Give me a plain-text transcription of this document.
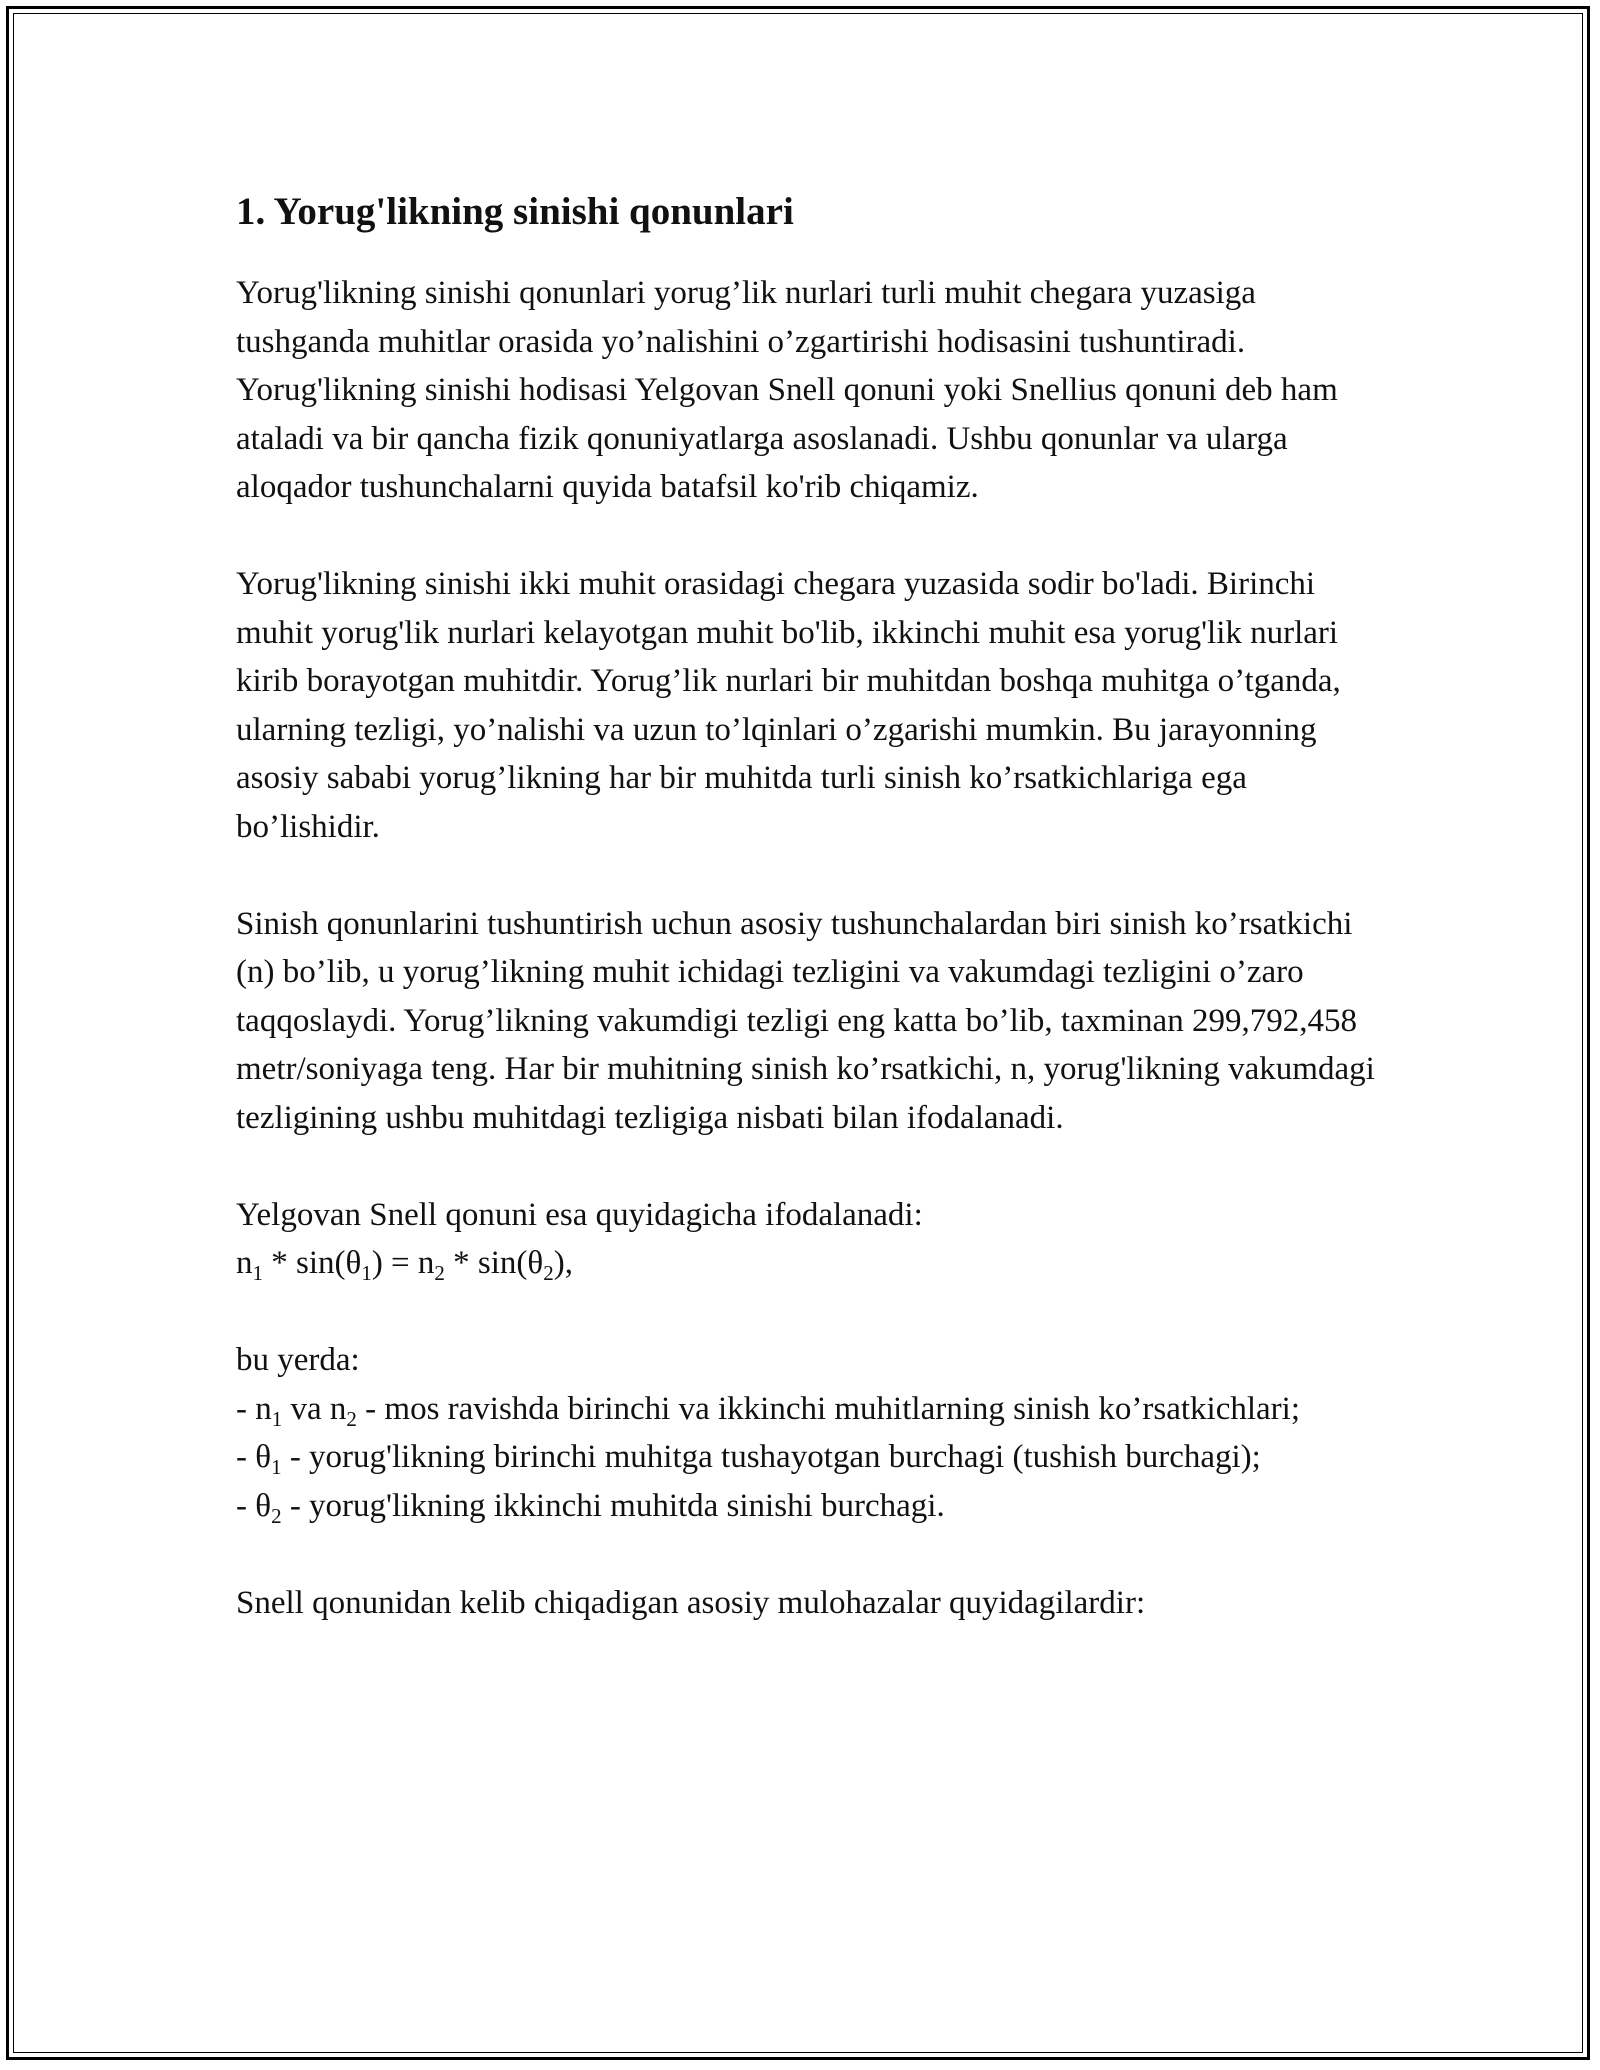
1. Yorug'likning sinishi qonunlari

Yorug'likning sinishi qonunlari yorug’lik nurlari turli muhit chegara yuzasiga tushganda muhitlar orasida yo’nalishini o’zgartirishi hodisasini tushuntiradi. Yorug'likning sinishi hodisasi Yelgovan Snell qonuni yoki Snellius qonuni deb ham ataladi va bir qancha fizik qonuniyatlarga asoslanadi. Ushbu qonunlar va ularga aloqador tushunchalarni quyida batafsil ko'rib chiqamiz.

Yorug'likning sinishi ikki muhit orasidagi chegara yuzasida sodir bo'ladi. Birinchi muhit yorug'lik nurlari kelayotgan muhit bo'lib, ikkinchi muhit esa yorug'lik nurlari kirib borayotgan muhitdir. Yorug’lik nurlari bir muhitdan boshqa muhitga o’tganda, ularning tezligi, yo’nalishi va uzun to’lqinlari o’zgarishi mumkin. Bu jarayonning asosiy sababi yorug’likning har bir muhitda turli sinish ko’rsatkichlariga ega bo’lishidir.

Sinish qonunlarini tushuntirish uchun asosiy tushunchalardan biri sinish ko’rsatkichi (n) bo’lib, u yorug’likning muhit ichidagi tezligini va vakumdagi tezligini o’zaro taqqoslaydi. Yorug’likning vakumdigi tezligi eng katta bo’lib, taxminan 299,792,458 metr/soniyaga teng. Har bir muhitning sinish ko’rsatkichi, n, yorug'likning vakumdagi tezligining ushbu muhitdagi tezligiga nisbati bilan ifodalanadi.

Yelgovan Snell qonuni esa quyidagicha ifodalanadi:

$n_1 * \sin(\theta_1) = n_2 * \sin(\theta_2)$,

bu yerda:

- $n_1$ va $n_2$ - mos ravishda birinchi va ikkinchi muhitlarning sinish ko’rsatkichlari;

- $\theta_1$ - yorug'likning birinchi muhitga tushayotgan burchagi (tushish burchagi);

- $\theta_2$ - yorug'likning ikkinchi muhitda sinishi burchagi.

Snell qonunidan kelib chiqadigan asosiy mulohazalar quyidagilardir:
